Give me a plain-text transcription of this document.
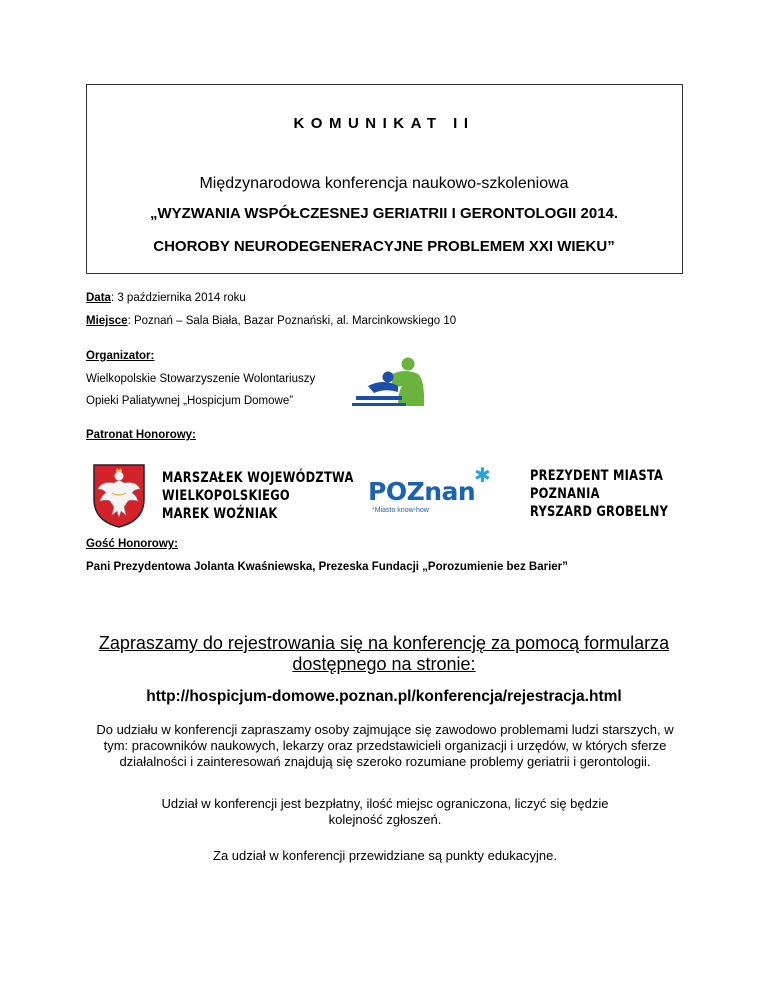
KOMUNIKAT II
Międzynarodowa konferencja naukowo-szkoleniowa
„WYZWANIA WSPÓŁCZESNEJ GERIATRII I GERONTOLOGII 2014.
CHOROBY NEURODEGENERACYJNE PROBLEMEM XXI WIEKU”
Data: 3 października 2014 roku
Miejsce: Poznań – Sala Biała, Bazar Poznański, al. Marcinkowskiego 10
Organizator:
Wielkopolskie Stowarzyszenie Wolontariuszy
Opieki Paliatywnej „Hospicjum Domowe”
Patronat Honorowy:
MARSZAŁEK WOJEWÓDZTWA
WIELKOPOLSKIEGO
MAREK WOŹNIAK
POZnan
✱
*Miasto know-how
PREZYDENT MIASTA
POZNANIA
RYSZARD GROBELNY
Gość Honorowy:
Pani Prezydentowa Jolanta Kwaśniewska, Prezeska Fundacji „Porozumienie bez Barier”
Zapraszamy do rejestrowania się na konferencję za pomocą formularza dostępnego na stronie:
http://hospicjum-domowe.poznan.pl/konferencja/rejestracja.html
Do udziału w konferencji zapraszamy osoby zajmujące się zawodowo problemami ludzi starszych, w tym: pracowników naukowych, lekarzy oraz przedstawicieli organizacji i urzędów, w których sferze działalności i zainteresowań znajdują się szeroko rozumiane problemy geriatrii i gerontologii.
Udział w konferencji jest bezpłatny, ilość miejsc ograniczona, liczyć się będzie kolejność zgłoszeń.
Za udział w konferencji przewidziane są punkty edukacyjne.
